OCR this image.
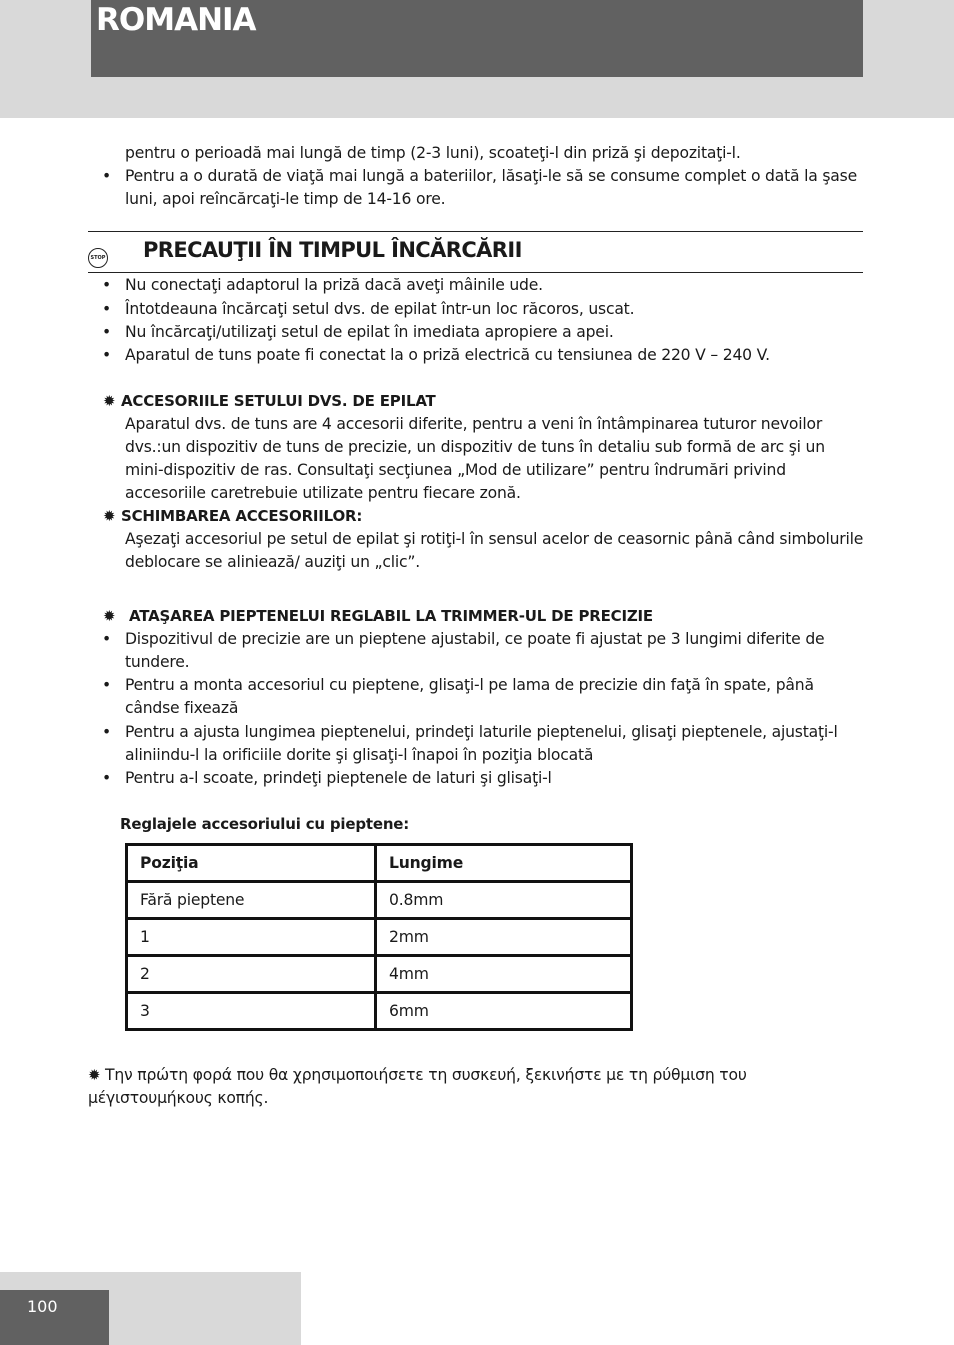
ROMANIA

pentru o perioadă mai lungă de timp (2-3 luni), scoateţi-l din priză şi depozitaţi-l.

• Pentru a o durată de viaţă mai lungă a bateriilor, lăsaţi-le să se consume complet o dată la şase luni, apoi reîncărcaţi-le timp de 14-16 ore.

STOP PRECAUŢII ÎN TIMPUL ÎNCĂRCĂRII

• Nu conectaţi adaptorul la priză dacă aveţi mâinile ude.

• Întotdeauna încărcaţi setul dvs. de epilat într-un loc răcoros, uscat.

• Nu încărcaţi/utilizaţi setul de epilat în imediata apropiere a apei.

• Aparatul de tuns poate fi conectat la o priză electrică cu tensiunea de 220 V – 240 V.

✹ ACCESORIILE SETULUI DVS. DE EPILAT

Aparatul dvs. de tuns are 4 accesorii diferite, pentru a veni în întâmpinarea tuturor nevoilor dvs.:un dispozitiv de tuns de precizie, un dispozitiv de tuns în detaliu sub formă de arc şi un mini-dispozitiv de ras. Consultaţi secţiunea „Mod de utilizare” pentru îndrumări privind accesoriile caretrebuie utilizate pentru fiecare zonă.

✹ SCHIMBAREA ACCESORIILOR:

Aşezaţi accesoriul pe setul de epilat şi rotiţi-l în sensul acelor de ceasornic până când simbolurile deblocare se aliniează/ auziţi un „clic”.

✹ ATAŞAREA PIEPTENELUI REGLABIL LA TRIMMER-UL DE PRECIZIE

• Dispozitivul de precizie are un pieptene ajustabil, ce poate fi ajustat pe 3 lungimi diferite de tundere.

• Pentru a monta accesoriul cu pieptene, glisaţi-l pe lama de precizie din faţă în spate, până cândse fixează

• Pentru a ajusta lungimea pieptenelui, prindeţi laturile pieptenelui, glisaţi pieptenele, ajustaţi-l aliniindu-l la orificiile dorite şi glisaţi-l înapoi în poziţia blocată

• Pentru a-l scoate, prindeţi pieptenele de laturi şi glisaţi-l

Reglajele accesoriului cu pieptene:
Poziţia	Lungime
Fără pieptene	0.8mm
1	2mm
2	4mm
3	6mm

✹ Την πρώτη φορά που θα χρησιμοποιήσετε τη συσκευή, ξεκινήστε με τη ρύθμιση του μέγιστουμήκους κοπής.

100
